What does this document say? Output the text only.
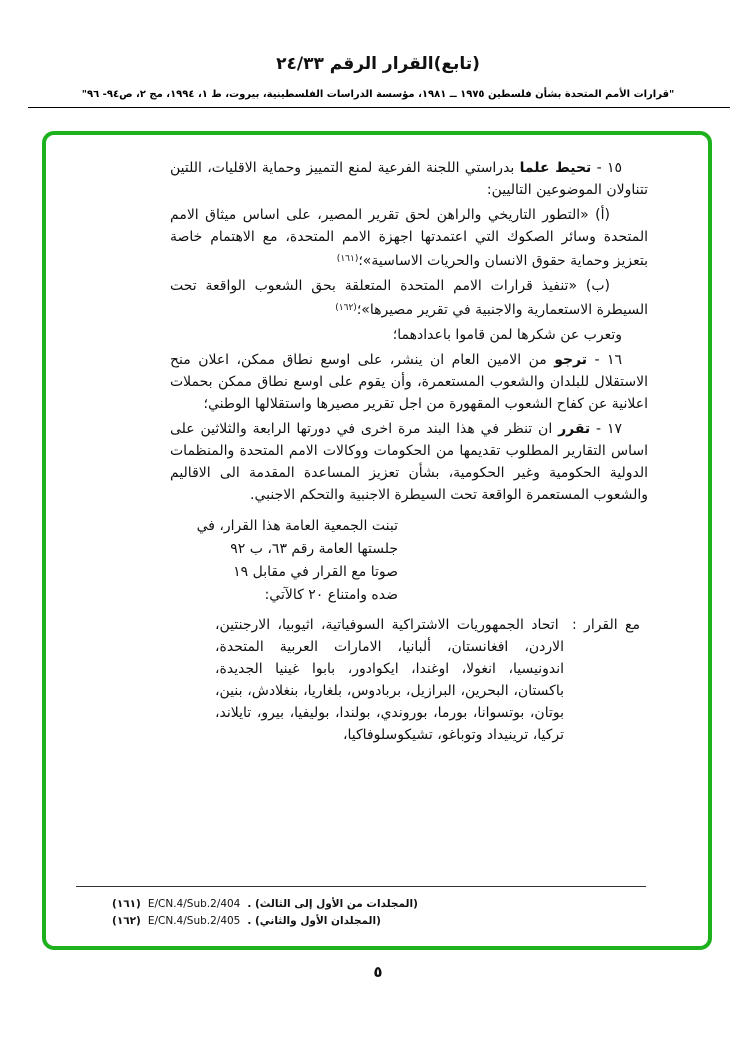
(تابع)القرار الرقم ٢٤/٣٣
"قرارات الأمم المتحدة بشأن فلسطين ١٩٧٥ ــ ١٩٨١، مؤسسة الدراسات الفلسطينية، بيروت، ط ١، ١٩٩٤، مج ٢، ص٩٤- ٩٦"

١٥ - تحيط علما بدراستي اللجنة الفرعية لمنع التمييز وحماية الاقليات، اللتين تتناولان الموضوعين التاليين:

(أ) «التطور التاريخي والراهن لحق تقرير المصير، على اساس ميثاق الامم المتحدة وسائر الصكوك التي اعتمدتها اجهزة الامم المتحدة، مع الاهتمام خاصة بتعزيز وحماية حقوق الانسان والحريات الاساسية»؛$^{(١٦١)}$

(ب) «تنفيذ قرارات الامم المتحدة المتعلقة بحق الشعوب الواقعة تحت السيطرة الاستعمارية والاجنبية في تقرير مصيرها»؛$^{(١٦٢)}$

وتعرب عن شكرها لمن قاموا باعدادهما؛

١٦ - ترجو من الامين العام ان ينشر، على اوسع نطاق ممكن، اعلان منح الاستقلال للبلدان والشعوب المستعمرة، وأن يقوم على اوسع نطاق ممكن بحملات اعلانية عن كفاح الشعوب المقهورة من اجل تقرير مصيرها واستقلالها الوطني؛

١٧ - تقرر ان تنظر في هذا البند مرة اخرى في دورتها الرابعة والثلاثين على اساس التقارير المطلوب تقديمها من الحكومات ووكالات الامم المتحدة والمنظمات الدولية الحكومية وغير الحكومية، بشأن تعزيز المساعدة المقدمة الى الاقاليم والشعوب المستعمرة الواقعة تحت السيطرة الاجنبية والتحكم الاجنبي.

تبنت الجمعية العامة هذا القرار، في
جلستها العامة رقم ٦٣، ب ٩٢
صوتا مع القرار في مقابل ١٩
ضده وامتناع ٢٠ كالآتي:
مع القرار : اتحاد الجمهوريات الاشتراكية السوفياتية، اثيوبيا، الارجنتين، الاردن، افغانستان، ألبانيا، الامارات العربية المتحدة، اندونيسيا، انغولا، اوغندا، ايكوادور، بابوا غينيا الجديدة، باكستان، البحرين، البرازيل، بربادوس، بلغاريا، بنغلادش، بنين، بوتان، بوتسوانا، بورما، بوروندي، بولندا، بوليفيا، بيرو، تايلاند، تركيا، ترينيداد وتوباغو، تشيكوسلوفاكيا،
(١٦١) E/CN.4/Sub.2/404 (المجلدات من الأول إلى الثالث) .
(١٦٢) E/CN.4/Sub.2/405 (المجلدان الأول والثاني) .
٥
